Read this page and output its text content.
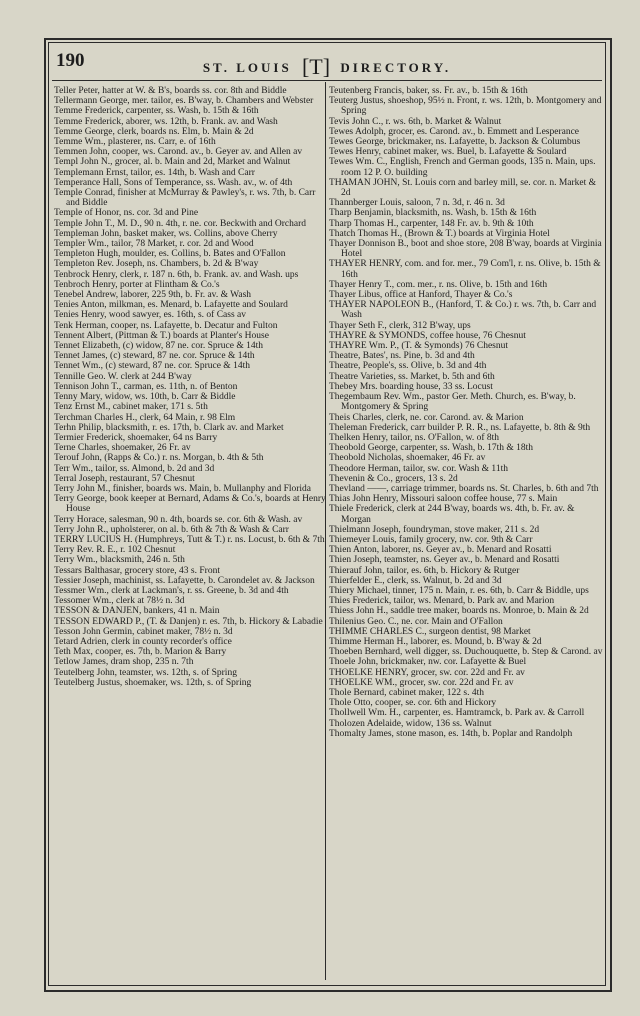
190	ST. LOUIS [T] DIRECTORY.
Teller Peter, hatter at W. & B's, boards ss. cor. 8th and Biddle
Tellermann George, mer. tailor, es. B'way, b. Chambers and Webster
Temme Frederick, carpenter, ss. Wash, b. 15th & 16th
Temme Frederick, aborer, ws. 12th, b. Frank. av. and Wash
Temme George, clerk, boards ns. Elm, b. Main & 2d
Temme Wm., plasterer, ns. Carr, e. of 16th
Temmen John, cooper, ws. Carond. av., b. Geyer av. and Allen av
Templ John N., grocer, al. b. Main and 2d, Market and Walnut
Templemann Ernst, tailor, es. 14th, b. Wash and Carr
Temperance Hall, Sons of Temperance, ss. Wash. av., w. of 4th
Temple Conrad, finisher at McMurray & Pawley's, r. ws. 7th, b. Carr and Biddle
Temple of Honor, ns. cor. 3d and Pine
Temple John T., M. D., 90 n. 4th, r. ne. cor. Beckwith and Orchard
Templeman John, basket maker, ws. Collins, above Cherry
Templer Wm., tailor, 78 Market, r. cor. 2d and Wood
Templeton Hugh, moulder, es. Collins, b. Bates and O'Fallon
Templeton Rev. Joseph, ns. Chambers, b. 2d & B'way
Tenbrock Henry, clerk, r. 187 n. 6th, b. Frank. av. and Wash. ups
Tenbroch Henry, porter at Flintham & Co.'s
Tenebel Andrew, laborer, 225 9th, b. Fr. av. & Wash
Tenies Anton, milkman, es. Menard, b. Lafayette and Soulard
Tenies Henry, wood sawyer, es. 16th, s. of Cass av
Tenk Herman, cooper, ns. Lafayette, b. Decatur and Fulton
Tennent Albert, (Pittman & T.) boards at Planter's House
Tennet Elizabeth, (c) widow, 87 ne. cor. Spruce & 14th
Tennet James, (c) steward, 87 ne. cor. Spruce & 14th
Tennet Wm., (c) steward, 87 ne. cor. Spruce & 14th
Tennille Geo. W. clerk at 244 B'way
Tennison John T., carman, es. 11th, n. of Benton
Tenny Mary, widow, ws. 10th, b. Carr & Biddle
Tenz Ernst M., cabinet maker, 171 s. 5th
Terchman Charles H., clerk, 64 Main, r. 98 Elm
Terhn Philip, blacksmith, r. es. 17th, b. Clark av. and Market
Termier Frederick, shoemaker, 64 ns Barry
Terne Charles, shoemaker, 26 Fr. av
Terouf John, (Rapps & Co.) r. ns. Morgan, b. 4th & 5th
Terr Wm., tailor, ss. Almond, b. 2d and 3d
Terral Joseph, restaurant, 57 Chesnut
Terry John M., finisher, boards ws. Main, b. Mullanphy and Florida
Terry George, book keeper at Bernard, Adams & Co.'s, boards at Henry House
Terry Horace, salesman, 90 n. 4th, boards se. cor. 6th & Wash. av
Terry John R., upholsterer, on al. b. 6th & 7th & Wash & Carr
TERRY LUCIUS H. (Humphreys, Tutt & T.) r. ns. Locust, b. 6th & 7th
Terry Rev. R. E., r. 102 Chesnut
Terry Wm., blacksmith, 246 n. 5th
Tessars Balthasar, grocery store, 43 s. Front
Tessier Joseph, machinist, ss. Lafayette, b. Carondelet av. & Jackson
Tessmer Wm., clerk at Lackman's, r. ss. Greene, b. 3d and 4th
Tessomer Wm., clerk at 78½ n. 3d
TESSON & DANJEN, bankers, 41 n. Main
TESSON EDWARD P., (T. & Danjen) r. es. 7th, b. Hickory & Labadie
Tesson John Germin, cabinet maker, 78½ n. 3d
Tetard Adrien, clerk in county recorder's office
Teth Max, cooper, es. 7th, b. Marion & Barry
Tetlow James, dram shop, 235 n. 7th
Teutelberg John, teamster, ws. 12th, s. of Spring
Teutelberg Justus, shoemaker, ws. 12th, s. of Spring
Teutenberg Francis, baker, ss. Fr. av., b. 15th & 16th
Teuterg Justus, shoeshop, 95½ n. Front, r. ws. 12th, b. Montgomery and Spring
Tevis John C., r. ws. 6th, b. Market & Walnut
Tewes Adolph, grocer, es. Carond. av., b. Emmett and Lesperance
Tewes George, brickmaker, ns. Lafayette, b. Jackson & Columbus
Tewes Henry, cabinet maker, ws. Buel, b. Lafayette & Soulard
Tewes Wm. C., English, French and German goods, 135 n. Main, ups. room 12 P. O. building
THAMAN JOHN, St. Louis corn and barley mill, se. cor. n. Market & 2d
Thannberger Louis, saloon, 7 n. 3d, r. 46 n. 3d
Tharp Benjamin, blacksmith, ns. Wash, b. 15th & 16th
Tharp Thomas H., carpenter, 148 Fr. av. b. 9th & 10th
Thatch Thomas H., (Brown & T.) boards at Virginia Hotel
Thayer Donnison B., boot and shoe store, 208 B'way, boards at Virginia Hotel
THAYER HENRY, com. and for. mer., 79 Com'l, r. ns. Olive, b. 15th & 16th
Thayer Henry T., com. mer., r. ns. Olive, b. 15th and 16th
Thayer Libus, office at Hanford, Thayer & Co.'s
THAYER NAPOLEON B., (Hanford, T. & Co.) r. ws. 7th, b. Carr and Wash
Thayer Seth F., clerk, 312 B'way, ups
THAYRE & SYMONDS, coffee house, 76 Chesnut
THAYRE Wm. P., (T. & Symonds) 76 Chesnut
Theatre, Bates', ns. Pine, b. 3d and 4th
Theatre, People's, ss. Olive, b. 3d and 4th
Theatre Varieties, ss. Market, b. 5th and 6th
Thebey Mrs. boarding house, 33 ss. Locust
Thegembaum Rev. Wm., pastor Ger. Meth. Church, es. B'way, b. Montgomery & Spring
Theis Charles, clerk, ne. cor. Carond. av. & Marion
Theleman Frederick, carr builder P. R. R., ns. Lafayette, b. 8th & 9th
Thelken Henry, tailor, ns. O'Fallon, w. of 8th
Theobold George, carpenter, ss. Wash, b. 17th & 18th
Theobold Nicholas, shoemaker, 46 Fr. av
Theodore Herman, tailor, sw. cor. Wash & 11th
Thevenin & Co., grocers, 13 s. 2d
Thevland ——, carriage trimmer, boards ns. St. Charles, b. 6th and 7th
Thias John Henry, Missouri saloon coffee house, 77 s. Main
Thiele Frederick, clerk at 244 B'way, boards ws. 4th, b. Fr. av. & Morgan
Thielmann Joseph, foundryman, stove maker, 211 s. 2d
Thiemeyer Louis, family grocery, nw. cor. 9th & Carr
Thien Anton, laborer, ns. Geyer av., b. Menard and Rosatti
Thien Joseph, teamster, ns. Geyer av., b. Menard and Rosatti
Thierauf John, tailor, es. 6th, b. Hickory & Rutger
Thierfelder E., clerk, ss. Walnut, b. 2d and 3d
Thiery Michael, tinner, 175 n. Main, r. es. 6th, b. Carr & Biddle, ups
Thies Frederick, tailor, ws. Menard, b. Park av. and Marion
Thiess John H., saddle tree maker, boards ns. Monroe, b. Main & 2d
Thilenius Geo. C., ne. cor. Main and O'Fallon
THIMME CHARLES C., surgeon dentist, 98 Market
Thimme Herman H., laborer, es. Mound, b. B'way & 2d
Thoeben Bernhard, well digger, ss. Duchouquette, b. Step & Carond. av
Thoele John, brickmaker, nw. cor. Lafayette & Buel
THOELKE HENRY, grocer, sw. cor. 22d and Fr. av
THOELKE WM., grocer, sw. cor. 22d and Fr. av
Thole Bernard, cabinet maker, 122 s. 4th
Thole Otto, cooper, se. cor. 6th and Hickory
Thollwell Wm. H., carpenter, es. Hamtramck, b. Park av. & Carroll
Tholozen Adelaide, widow, 136 ss. Walnut
Thomalty James, stone mason, es. 14th, b. Poplar and Randolph
